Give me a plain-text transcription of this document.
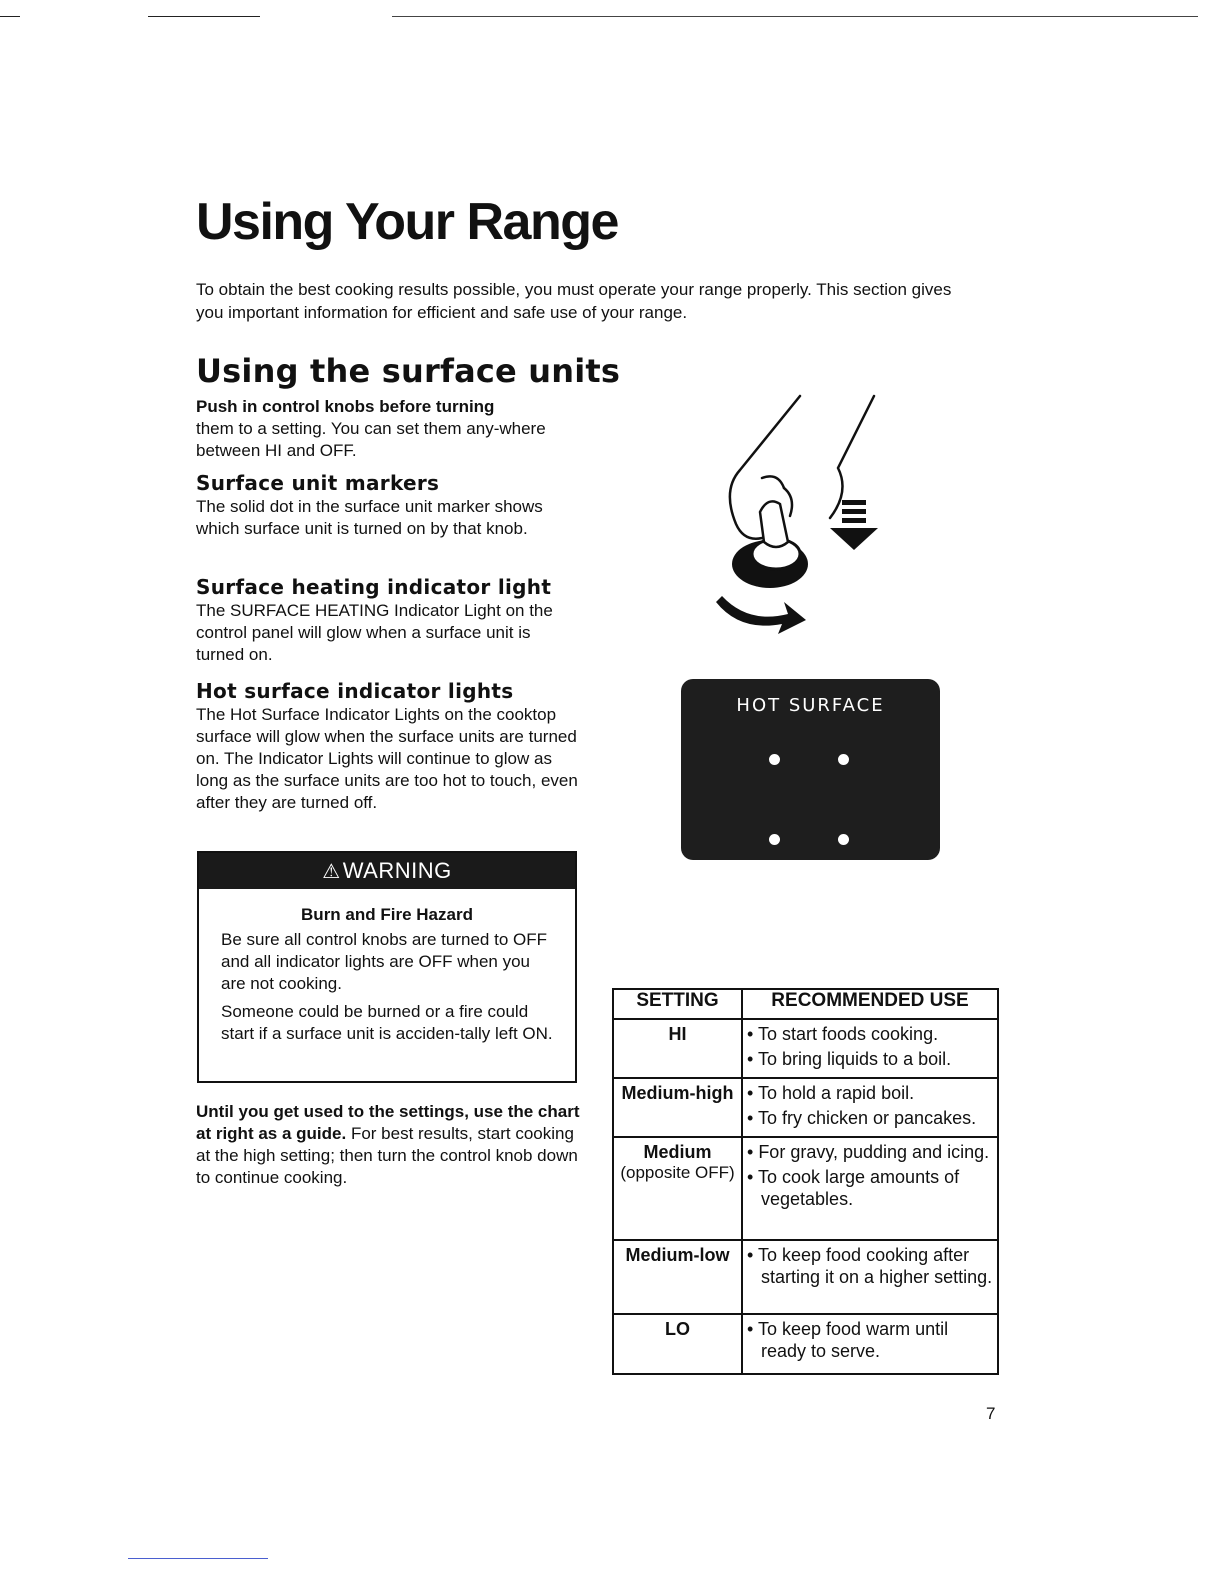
Using Your Range
To obtain the best cooking results possible, you must operate your range properly. This section gives you important information for efficient and safe use of your range.
Using the surface units
Push in control knobs before turning
them to a setting. You can set them any-where between HI and OFF.
Surface unit markers
The solid dot in the surface unit marker shows which surface unit is turned on by that knob.
Surface heating indicator light
The SURFACE HEATING Indicator Light on the control panel will glow when a surface unit is turned on.
Hot surface indicator lights
The Hot Surface Indicator Lights on the cooktop surface will glow when the surface units are turned on. The Indicator Lights will continue to glow as long as the surface units are too hot to touch, even after they are turned off.
⚠ WARNING
Burn and Fire Hazard

Be sure all control knobs are turned to OFF and all indicator lights are OFF when you are not cooking.

Someone could be burned or a fire could start if a surface unit is acciden-tally left ON.

Until you get used to the settings, use the chart at right as a guide. For best results, start cooking at the high setting; then turn the control knob down to continue cooking.
HOT SURFACE
SETTING	RECOMMENDED USE
HI	• To start foods cooking.
• To bring liquids to a boil.

Medium-high	• To hold a rapid boil.
• To fry chicken or pancakes.

Medium
(opposite OFF)	• For gravy, pudding and icing.
• To cook large amounts of vegetables.

Medium-low	• To keep food cooking after starting it on a higher setting.

LO	• To keep food warm until ready to serve.
7
